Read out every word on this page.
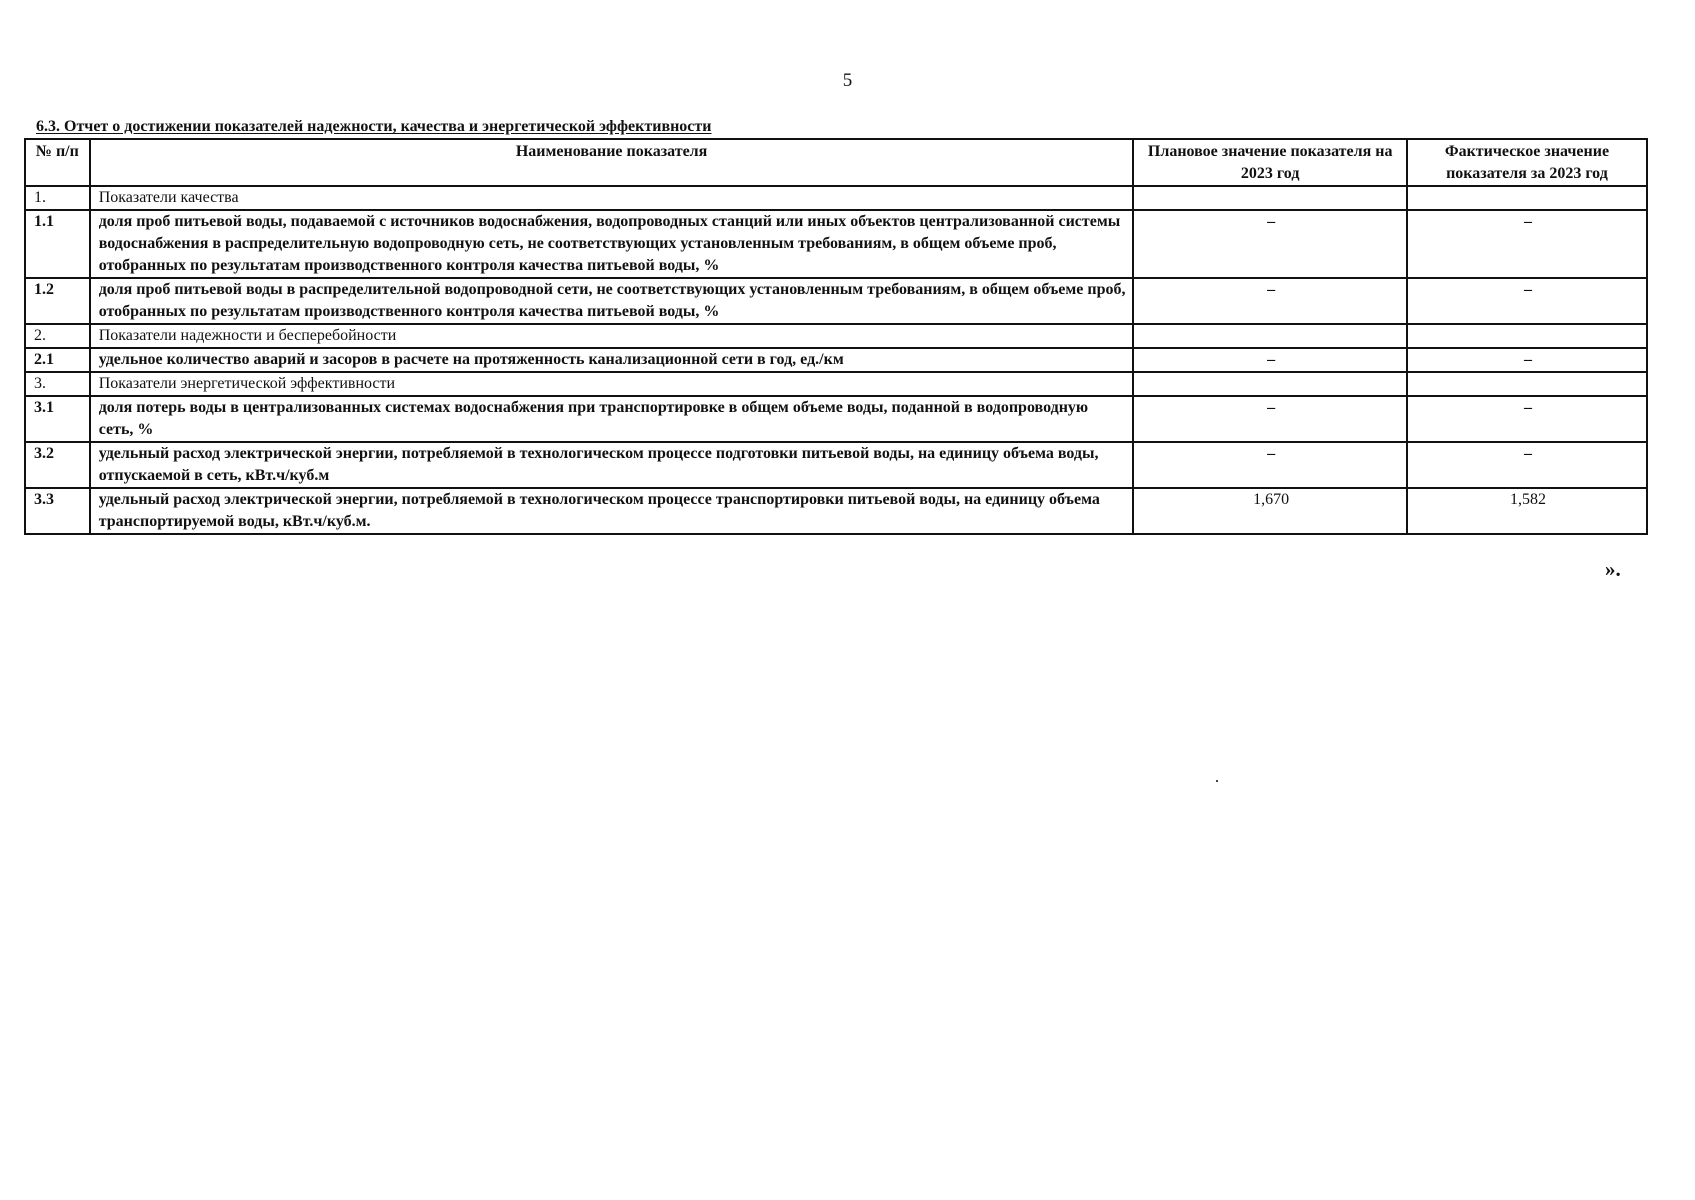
5
6.3. Отчет о достижении показателей надежности, качества и энергетической эффективности
№ п/п	Наименование показателя	Плановое значение показателя на 2023 год	Фактическое значение показателя за 2023 год
1.	Показатели качества		
1.1	доля проб питьевой воды, подаваемой с источников водоснабжения, водопроводных станций или иных объектов централизованной системы водоснабжения в распределительную водопроводную сеть, не соответствующих установленным требованиям, в общем объеме проб, отобранных по результатам производственного контроля качества питьевой воды, %	–	–
1.2	доля проб питьевой воды в распределительной водопроводной сети, не соответствующих установленным требованиям, в общем объеме проб, отобранных по результатам производственного контроля качества питьевой воды, %	–	–
2.	Показатели надежности и бесперебойности		
2.1	удельное количество аварий и засоров в расчете на протяженность канализационной сети в год, ед./км	–	–
3.	Показатели энергетической эффективности		
3.1	доля потерь воды в централизованных системах водоснабжения при транспортировке в общем объеме воды, поданной в водопроводную сеть, %	–	–
3.2	удельный расход электрической энергии, потребляемой в технологическом процессе подготовки питьевой воды, на единицу объема воды, отпускаемой в сеть, кВт.ч/куб.м	–	–
3.3	удельный расход электрической энергии, потребляемой в технологическом процессе транспортировки питьевой воды, на единицу объема транспортируемой воды, кВт.ч/куб.м.	1,670	1,582
».
